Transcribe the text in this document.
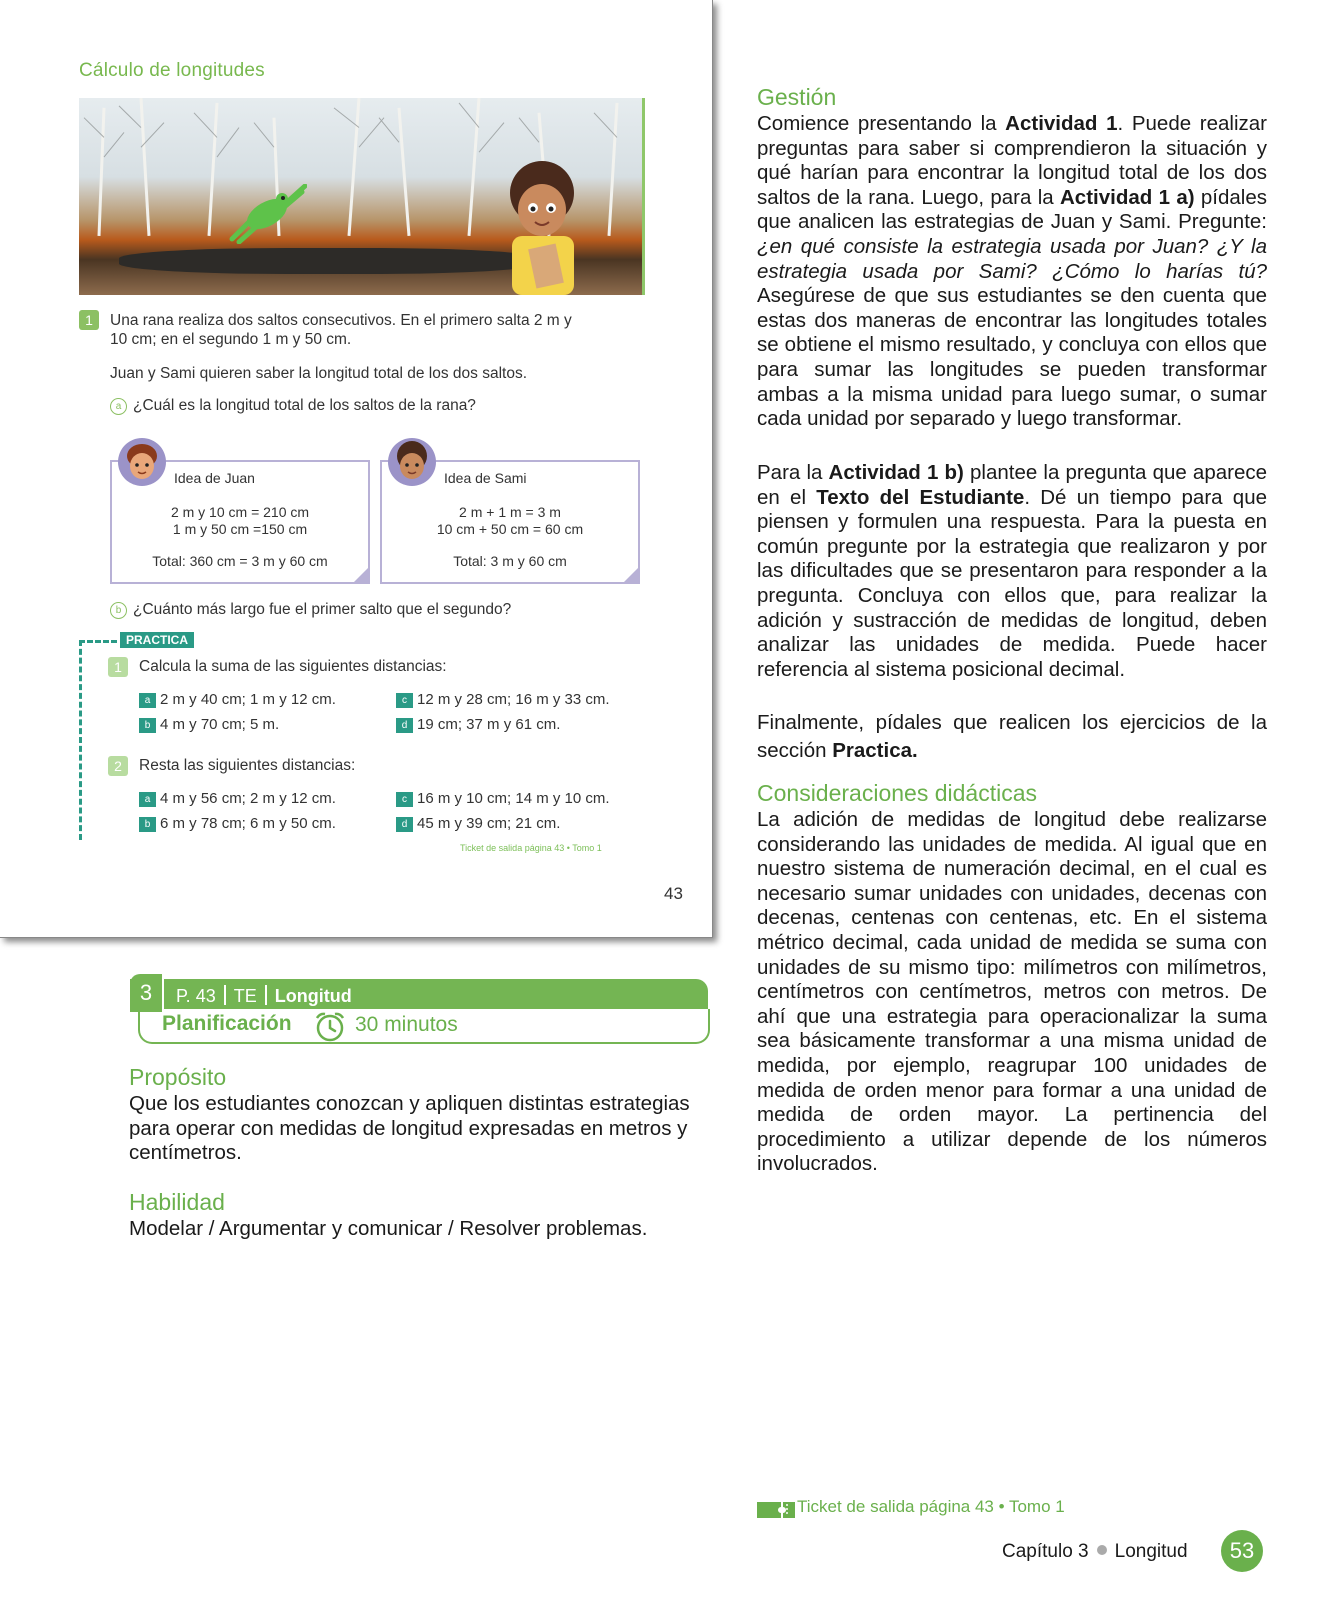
Cálculo de longitudes
1	Una rana realiza dos saltos consecutivos. En el primero salta 2 m y
10 cm; en el segundo 1 m y 50 cm.
Juan y Sami quieren saber la longitud total de los dos saltos.
a ¿Cuál es la longitud total de los saltos de la rana?
Idea de Juan
2 m y 10 cm = 210 cm
1 m y 50 cm =150 cm
Total: 360 cm = 3 m y 60 cm
Idea de Sami
2 m + 1 m = 3 m
10 cm + 50 cm = 60 cm
Total: 3 m y 60 cm
b ¿Cuánto más largo fue el primer salto que el segundo?
PRACTICA
1	Calcula la suma de las siguientes distancias:
a 2 m y 40 cm; 1 m y 12 cm.
b 4 m y 70 cm; 5 m.
c 12 m y 28 cm; 16 m y 33 cm.
d 19 cm; 37 m y 61 cm.
2	Resta las siguientes distancias:
a 4 m y 56 cm; 2 m y 12 cm.
b 6 m y 78 cm; 6 m y 50 cm.
c 16 m y 10 cm; 14 m y 10 cm.
d 45 m y 39 cm; 21 cm.
Ticket de salida página 43 • Tomo 1
43
3	P. 43 TE Longitud
Planificación	30 minutos
Propósito
Que los estudiantes conozcan y apliquen distintas estrategias para operar con medidas de longitud expresadas en metros y centímetros.
Habilidad
Modelar / Argumentar y comunicar / Resolver problemas.
Gestión
Comience presentando la Actividad 1. Puede realizar preguntas para saber si comprendieron la situación y qué harían para encontrar la longitud total de los dos saltos de la rana. Luego, para la Actividad 1 a) pídales que analicen las estrategias de Juan y Sami. Pregunte: ¿en qué consiste la estrategia usada por Juan? ¿Y la estrategia usada por Sami? ¿Cómo lo harías tú? Asegúrese de que sus estudiantes se den cuenta que estas dos maneras de encontrar las longitudes totales se obtiene el mismo resultado, y concluya con ellos que para sumar las longitudes se pueden transformar ambas a la misma unidad para luego sumar, o sumar cada unidad por separado y luego transformar.
Para la Actividad 1 b) plantee la pregunta que aparece en el Texto del Estudiante. Dé un tiempo para que piensen y formulen una respuesta. Para la puesta en común pregunte por la estrategia que realizaron y por las dificultades que se presentaron para responder a la pregunta. Concluya con ellos que, para realizar la adición y sustracción de medidas de longitud, deben analizar las unidades de medida. Puede hacer referencia al sistema posicional decimal.
Finalmente, pídales que realicen los ejercicios de la sección Practica.
Consideraciones didácticas
La adición de medidas de longitud debe realizarse considerando las unidades de medida. Al igual que en nuestro sistema de numeración decimal, en el cual es necesario sumar unidades con unidades, decenas con decenas, centenas con centenas, etc. En el sistema métrico decimal, cada unidad de medida se suma con unidades de su mismo tipo: milímetros con milímetros, centímetros con centímetros, metros con metros. De ahí que una estrategia para operacionalizar la suma sea básicamente transformar a una misma unidad de medida, por ejemplo, reagrupar 100 unidades de medida de orden menor para formar a una unidad de medida de orden mayor. La pertinencia del procedimiento a utilizar depende de los números involucrados.
Ticket de salida página 43 • Tomo 1
Capítulo 3 Longitud	53
